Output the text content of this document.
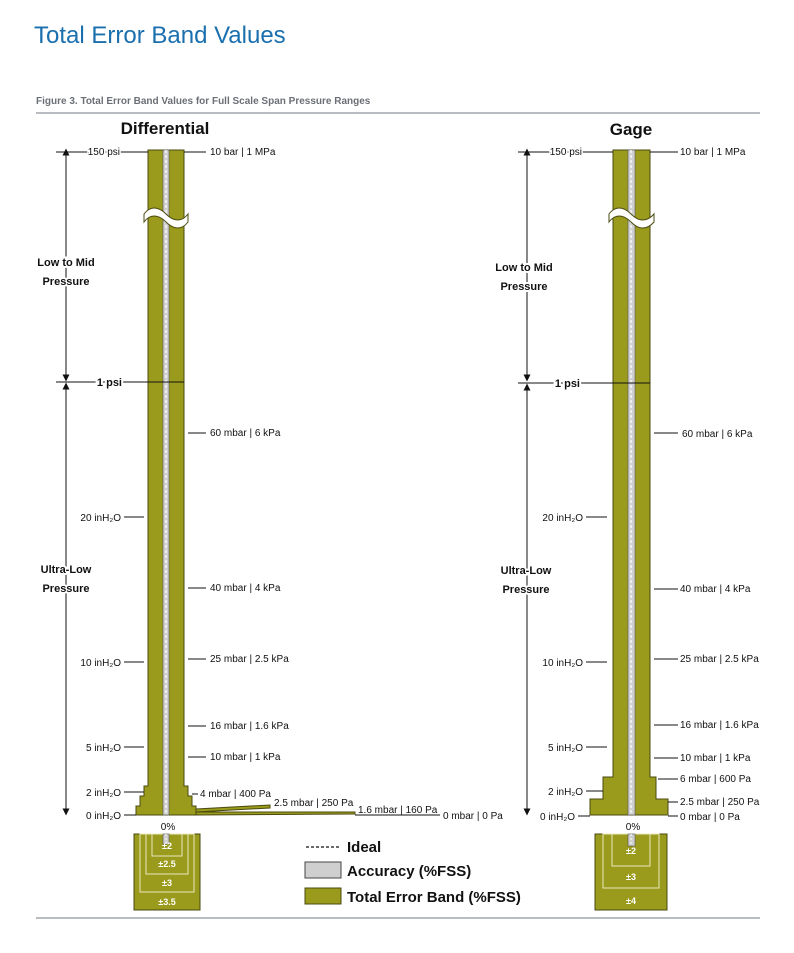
Total Error Band Values
Figure 3. Total Error Band Values for Full Scale Span Pressure Ranges
Differential
150 psi
Low to Mid
Pressure
1 psi
Ultra-Low
Pressure
20 inH₂O
10 inH₂O
5 inH₂O
2 inH₂O
0 inH₂O
10 bar | 1 MPa
60 mbar | 6 kPa
40 mbar | 4 kPa
25 mbar | 2.5 kPa
16 mbar | 1.6 kPa
10 mbar | 1 kPa
4 mbar | 400 Pa
2.5 mbar | 250 Pa
1.6 mbar | 160 Pa
0 mbar | 0 Pa
0%
±2
±2.5
±3
±3.5
Gage
150 psi
Low to Mid
Pressure
1 psi
Ultra-Low
Pressure
20 inH₂O
10 inH₂O
5 inH₂O
2 inH₂O
0 inH₂O
10 bar | 1 MPa
60 mbar | 6 kPa
40 mbar | 4 kPa
25 mbar | 2.5 kPa
16 mbar | 1.6 kPa
10 mbar | 1 kPa
6 mbar | 600 Pa
2.5 mbar | 250 Pa
0 mbar | 0 Pa
0%
±2
±3
±4
Ideal
Accuracy (%FSS)
Total Error Band (%FSS)
